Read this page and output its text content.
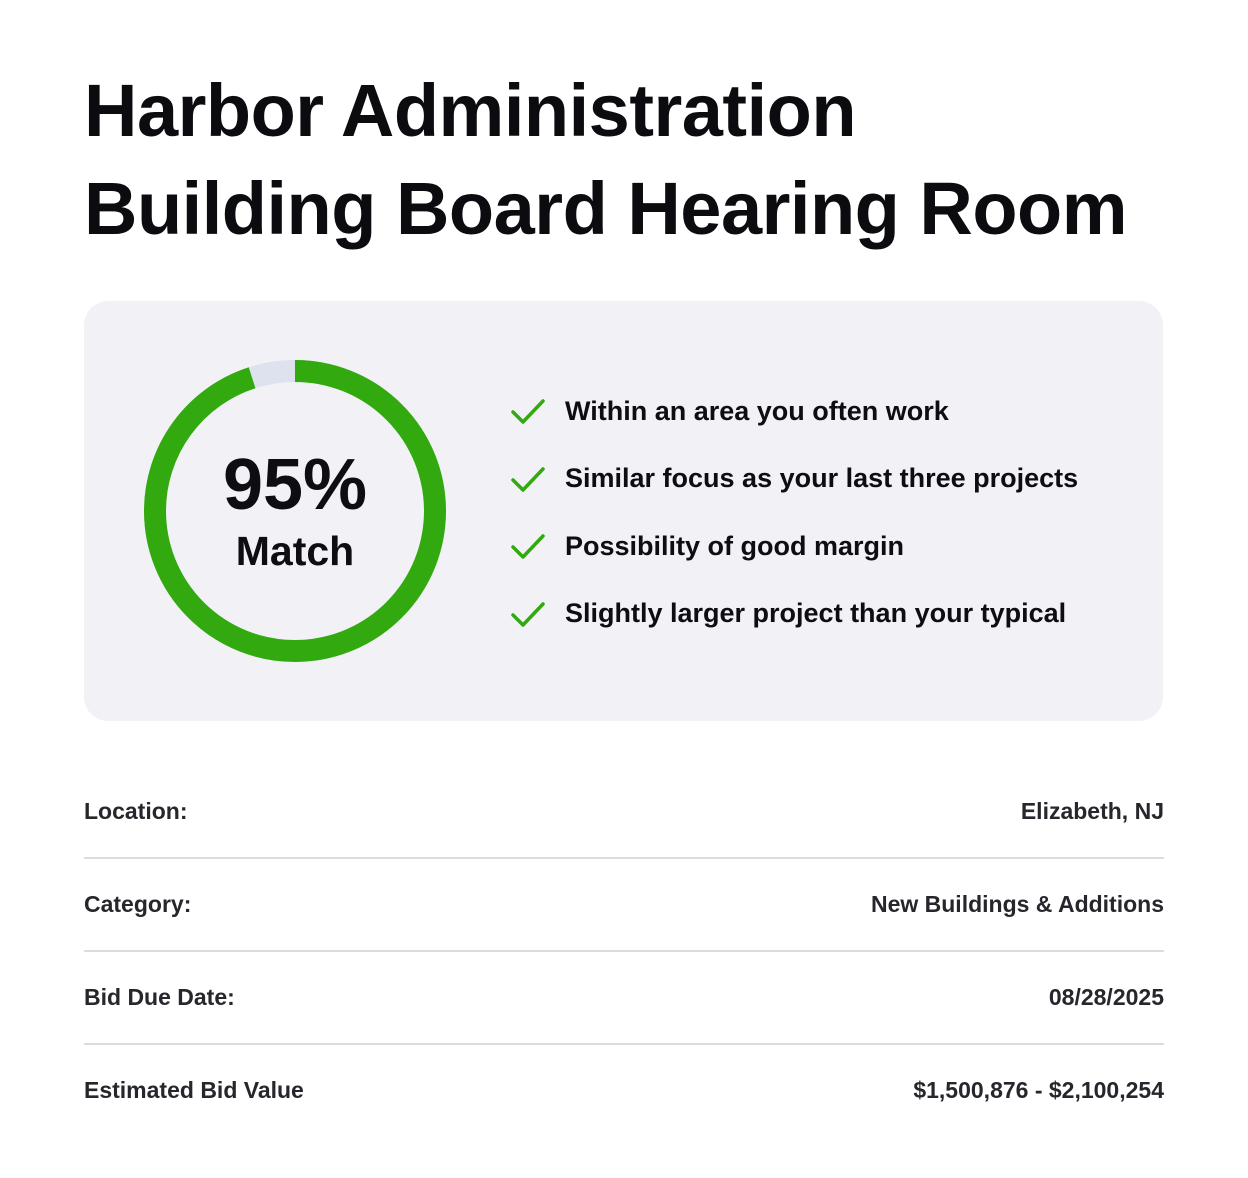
Harbor Administration
Building Board Hearing Room
95%
Match
Within an area you often work
Similar focus as your last three projects
Possibility of good margin
Slightly larger project than your typical
Location:	Elizabeth, NJ
Category:	New Buildings & Additions
Bid Due Date:	08/28/2025
Estimated Bid Value	$1,500,876 - $2,100,254
